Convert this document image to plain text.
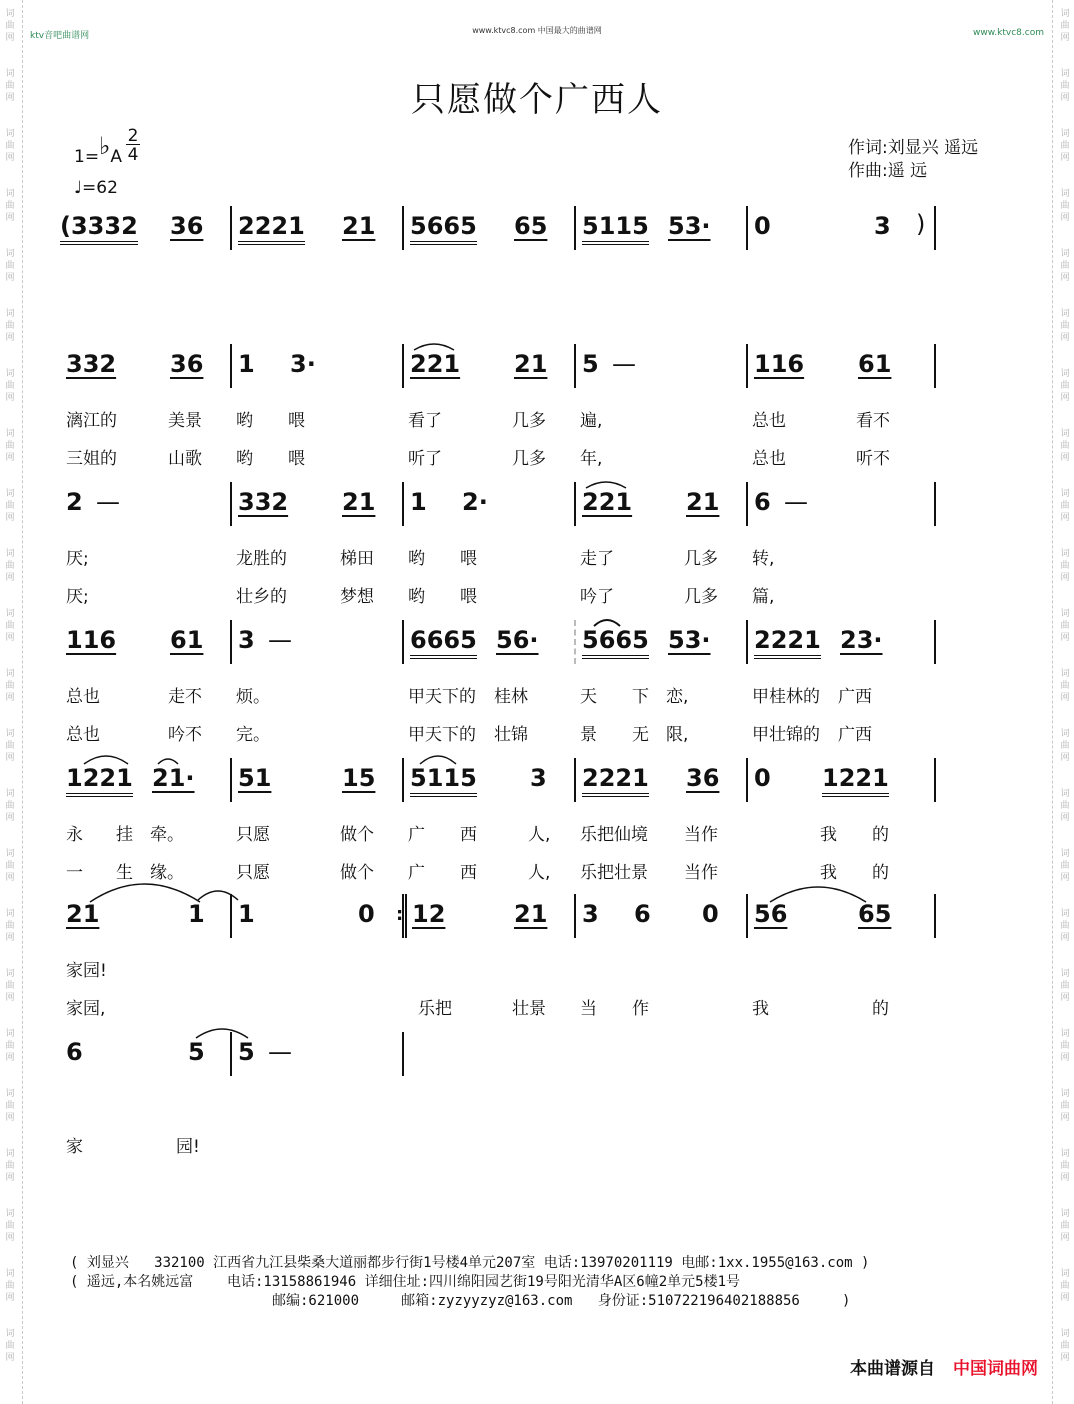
词
曲
网
词
曲
网
词
曲
网
词
曲
网
词
曲
网
词
曲
网
词
曲
网
词
曲
网
词
曲
网
词
曲
网
词
曲
网
词
曲
网
词
曲
网
词
曲
网
词
曲
网
词
曲
网
词
曲
网
词
曲
网
词
曲
网
词
曲
网
词
曲
网
词
曲
网
词
曲
网
词
曲
网
词
曲
网
词
曲
网
词
曲
网
词
曲
网
词
曲
网
词
曲
网
词
曲
网
词
曲
网
词
曲
网
词
曲
网
词
曲
网
词
曲
网
词
曲
网
词
曲
网
词
曲
网
词
曲
网
词
曲
网
词
曲
网
词
曲
网
词
曲
网
词
曲
网
词
曲
网
ktv音吧曲谱网
www.ktvc8.com 中国最大的曲谱网	www.ktvc8.com
只愿做个广西人
1=♭A
2
4
♩=62
作词:刘显兴 遥远
作曲:遥 远
(3332 36 2221 21 5665 65 5115 53· 0	3 )
332 36 1 3·	221 21 5 —	116 61
漓江的	美景 哟 喂	看了	几多 遍,	总也	看不
三姐的	山歌 哟 喂	听了	几多 年,	总也	听不
2 —	332 21 1 2·	221 21 6 —
厌;	龙胜的	梯田 哟 喂	走了	几多 转,
厌;	壮乡的	梦想 哟 喂	吟了	几多 篇,
116 61 3 —	6665 56· 5665 53· 2221 23·
总也	走不 烦。	甲天下的 桂林	天 下 恋,	甲桂林的 广西
总也	吟不 完。	甲天下的 壮锦	景 无 限,	甲壮锦的 广西
1221 21· 51	15 5115 3 2221 36 0 1221
永 挂 牵。	只愿	做个 广 西	人, 乐把仙境 当作	我 的
一 生 缘。	只愿	做个 广 西	人, 乐把壮景 当作	我 的
21	1 1	0 : 12	21 3 6 0 56	65
家园!
家园,	乐把	壮景 当 作	我	的
6	5 5 —
家	园!
( 刘显兴   332100 江西省九江县柴桑大道丽都步行街1号楼4单元207室 电话:13970201119 电邮:1xx.1955@163.com )
( 遥远,本名姚远富    电话:13158861946 详细住址:四川绵阳园艺街19号阳光清华A区6幢2单元5楼1号
邮编:621000     邮箱:zyzyyzyz@163.com   身份证:510722196402188856     )
本曲谱源自 中国词曲网
